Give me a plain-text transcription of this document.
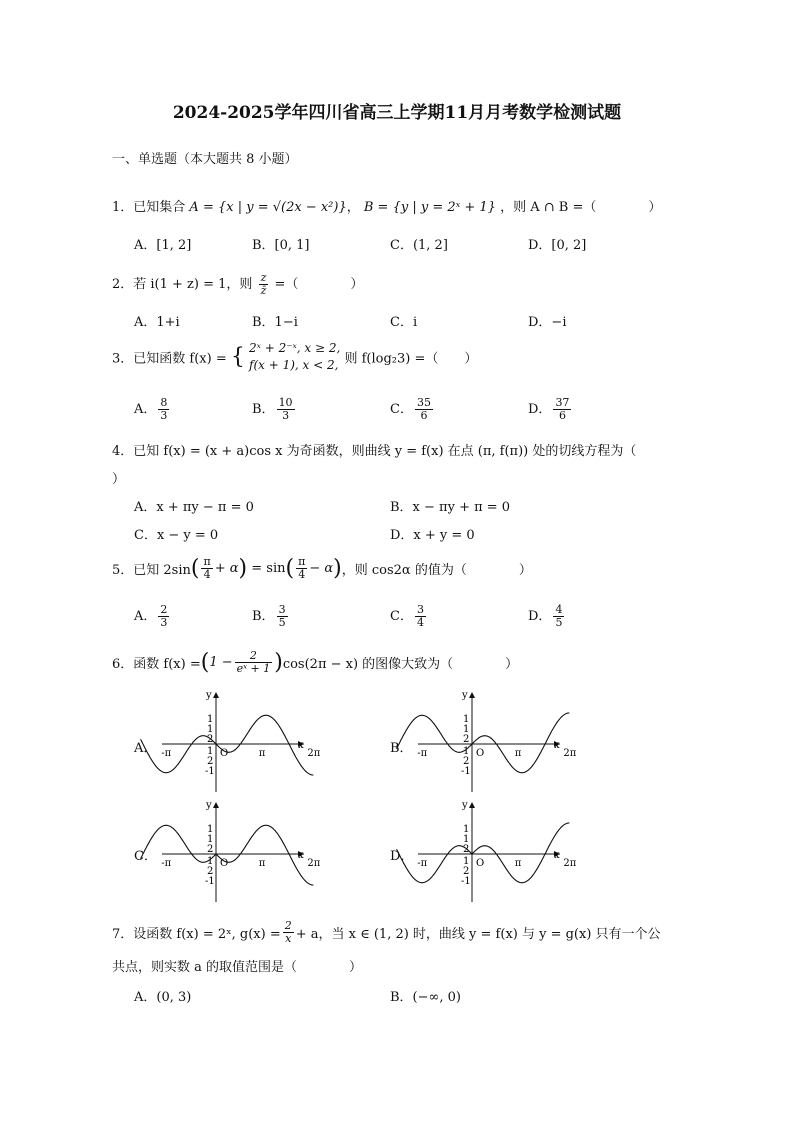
2024-2025学年四川省高三上学期11月月考数学检测试题
一、单选题（本大题共 8 小题）
1．已知集合 A = {x | y = √(2x − x²)}， B = {y | y = 2ˣ + 1} ，则 A ∩ B =（　　　　）
A．[1, 2]	B．[0, 1]	C．(1, 2]	D．[0, 2]
2．若 i(1 + z) = 1，则 $\frac{z}{z̄}$ =（　　　　）
A．1+i	B．1−i	C．i	D．−i
3．已知函数 f(x) = { 2ˣ + 2⁻ˣ, x ≥ 2,
f(x + 1), x < 2, 则 f(log₂3) =（　　）
A． $\frac{8}{3}$	B． $\frac{10}{3}$	C． $\frac{35}{6}$	D． $\frac{37}{6}$
4．已知 f(x) = (x + a)cos x 为奇函数，则曲线 y = f(x) 在点 (π, f(π)) 处的切线方程为（
）
A．x + πy − π = 0	B．x − πy + π = 0
C．x − y = 0	D．x + y = 0
5．已知 $2\sin( \frac{\pi}{4} + \alpha) = \sin( \frac{\pi}{4} - \alpha)$，则 cos2α 的值为（　　　　）
A． $\frac{2}{3}$	B． $\frac{3}{5}$	C． $\frac{3}{4}$	D． $\frac{4}{5}$
6．函数 $f(x) =(1 - \frac{2}{\text{eˣ + 1}} )\cos(2\pi - x)$ 的图像大致为（　　　　）
A．	B．
C．	D．
-π	π	2π
y
x
O
1
1
2
1
2
-1
-π	π	2π
y
x
O
1
1
2
1
2
-1
-π	π	2π
y
x
O
1
1
2
1
2
-1
-π	π	2π
y
x
O
1
1
2
1
2
-1
7．设函数 f(x) = 2ˣ, $g(x) = \frac{2}{x} + a$，当 x ∈ (1, 2) 时，曲线 y = f(x) 与 y = g(x) 只有一个公
共点，则实数 a 的取值范围是（　　　　）
A．(0, 3)	B．(−∞, 0)
